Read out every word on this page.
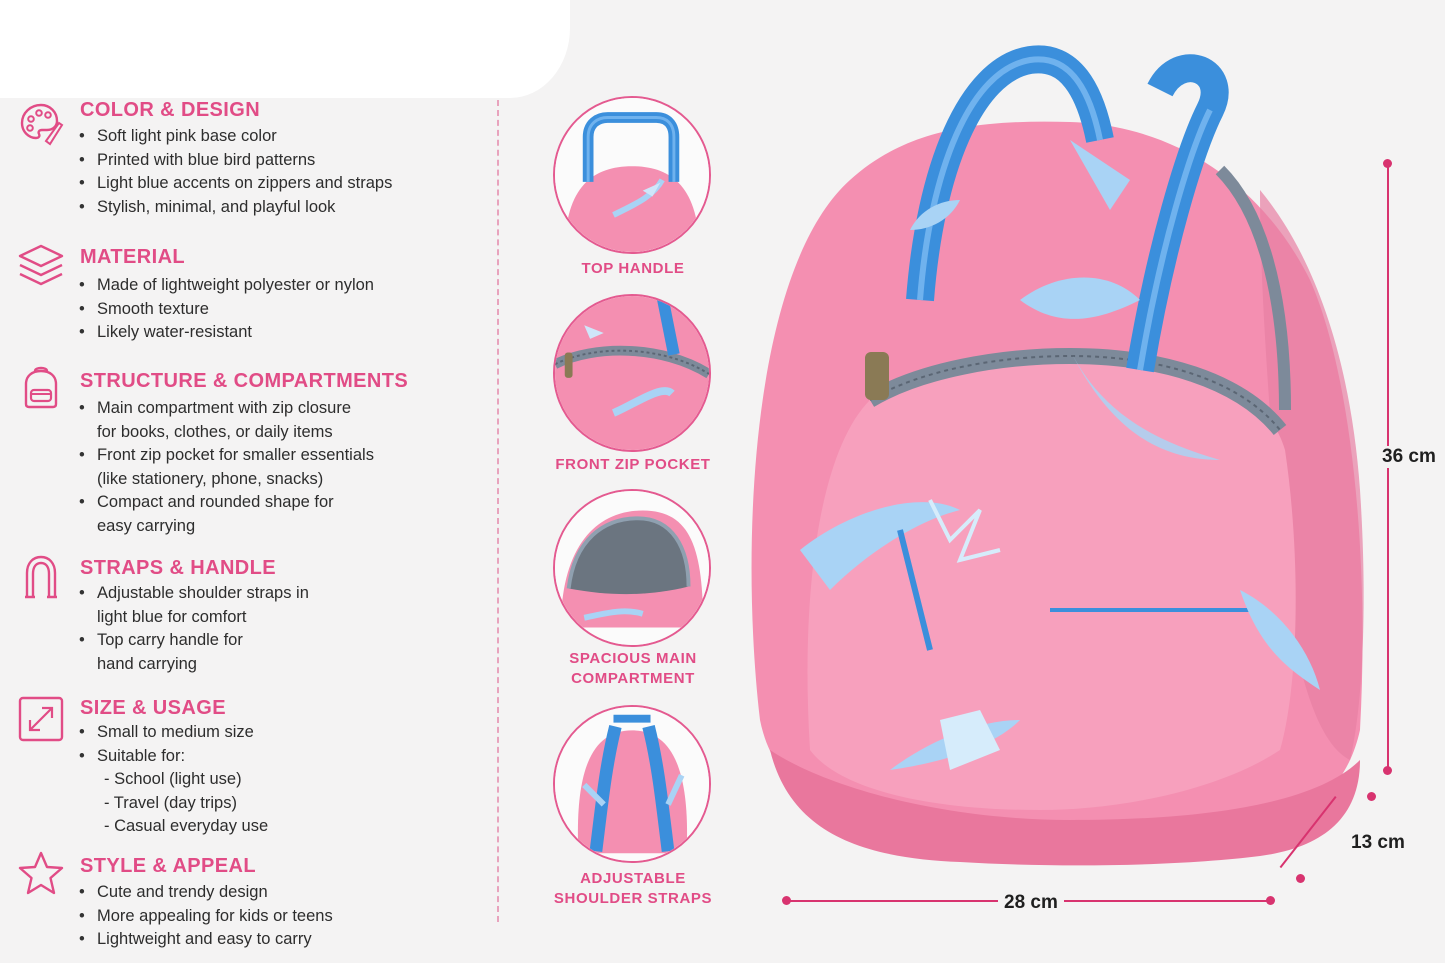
COLOR & DESIGN
• Soft light pink base color
• Printed with blue bird patterns
• Light blue accents on zippers and straps
• Stylish, minimal, and playful look
MATERIAL
• Made of lightweight polyester or nylon
• Smooth texture
• Likely water-resistant
STRUCTURE & COMPARTMENTS
• Main compartment with zip closure
for books, clothes, or daily items
• Front zip pocket for smaller essentials
(like stationery, phone, snacks)
• Compact and rounded shape for
easy carrying
STRAPS & HANDLE
• Adjustable shoulder straps in
light blue for comfort
• Top carry handle for
hand carrying
SIZE & USAGE
• Small to medium size
• Suitable for:
- School (light use)
- Travel (day trips)
- Casual everyday use
STYLE & APPEAL
• Cute and trendy design
• More appealing for kids or teens
• Lightweight and easy to carry
TOP HANDLE
FRONT ZIP POCKET
SPACIOUS MAIN
COMPARTMENT
ADJUSTABLE
SHOULDER STRAPS
36 cm
13 cm
28 cm
